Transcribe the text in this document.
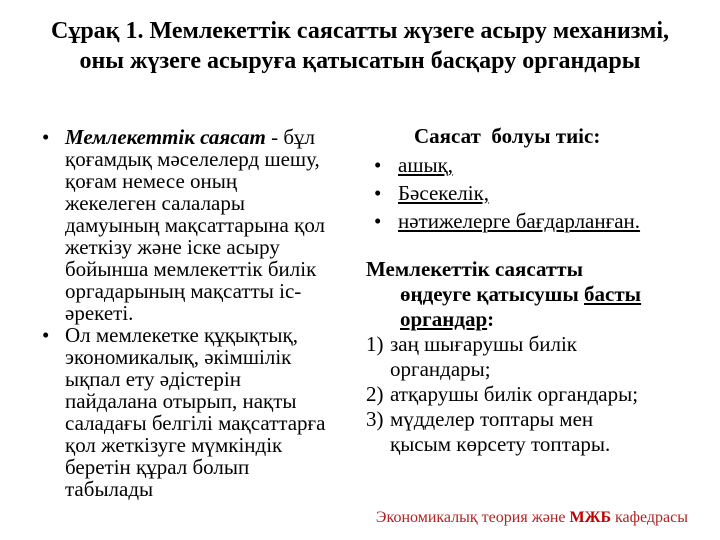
Сұрақ 1. Мемлекеттік саясатты жүзеге асыру механизмі,
оны жүзеге асыруға қатысатын басқару органдары
• Мемлекеттік саясат - бұл
қоғамдық мәселелерд шешу,
қоғам немесе оның
жекелеген салалары
дамуының мақсаттарына қол
жеткізу және іске асыру
бойынша мемлекеттік билік
оргадарының мақсатты іс-
әрекеті.
• Ол мемлекетке құқықтық,
экономикалық, әкімшілік
ықпал ету әдістерін
пайдалана отырып, нақты
саладағы белгілі мақсаттарға
қол жеткізуге мүмкіндік
беретін құрал болып
табылады
Саясат  болуы тиіс:
• ашық,
• Бәсекелік,
• нәтижелерге бағдарланған.
Мемлекеттік саясатты
өңдеуге қатысушы басты
органдар:
1) заң шығарушы билік
органдары;
2) атқарушы билік органдары;
3) мүдделер топтары мен
қысым көрсету топтары.
Экономикалық теория және МЖБ кафедрасы
